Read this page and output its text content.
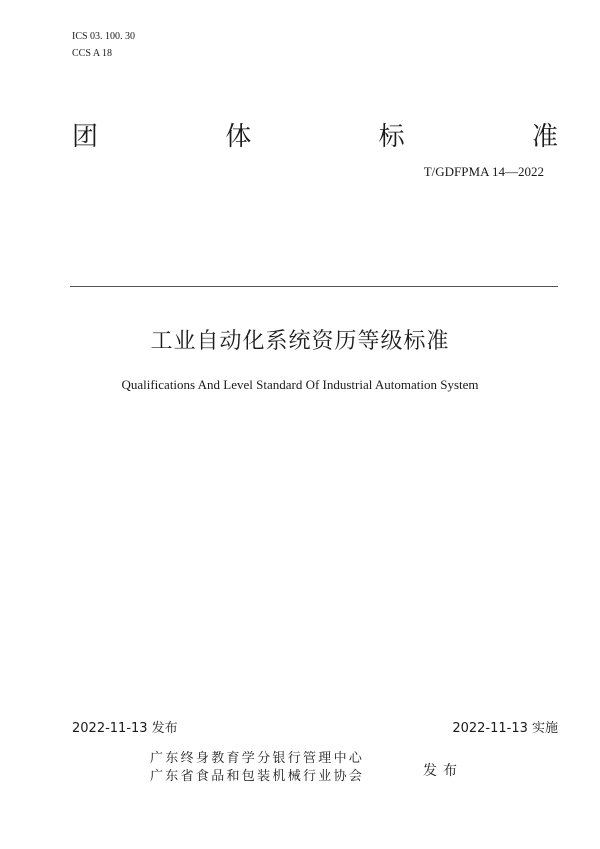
ICS 03. 100. 30
CCS A 18
团	体	标	准
T/GDFPMA 14—2022
工业自动化系统资历等级标准
Qualifications And Level Standard Of Industrial Automation System
2022-11-13 发布	2022-11-13 实施
广东终身教育学分银行管理中心
广东省食品和包装机械行业协会	发布
